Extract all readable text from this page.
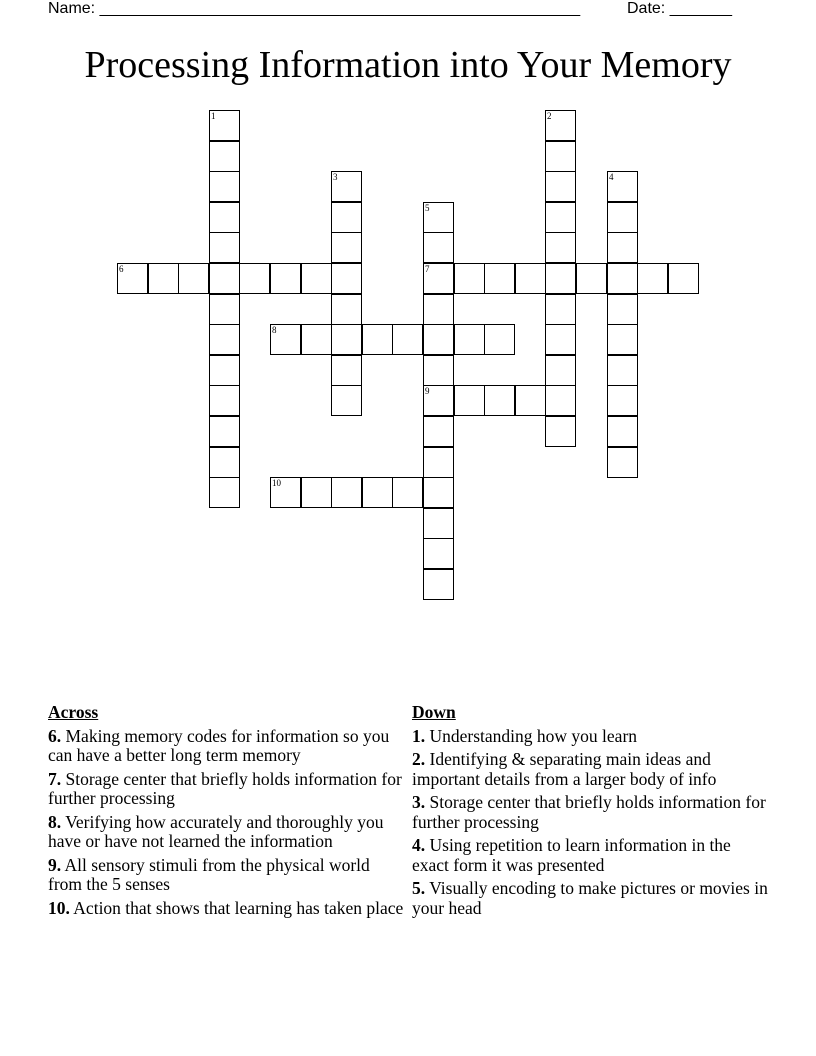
Name: ______________________________________________________	Date: _______
Processing Information into Your Memory
1	2
3	4
5
6	7
8
9
10
Across
6. Making memory codes for information so you can have a better long term memory
7. Storage center that briefly holds information for further processing
8. Verifying how accurately and thoroughly you have or have not learned the information
9. All sensory stimuli from the physical world from the 5 senses
10. Action that shows that learning has taken place
Down
1. Understanding how you learn
2. Identifying & separating main ideas and important details from a larger body of info
3. Storage center that briefly holds information for further processing
4. Using repetition to learn information in the exact form it was presented
5. Visually encoding to make pictures or movies in your head
